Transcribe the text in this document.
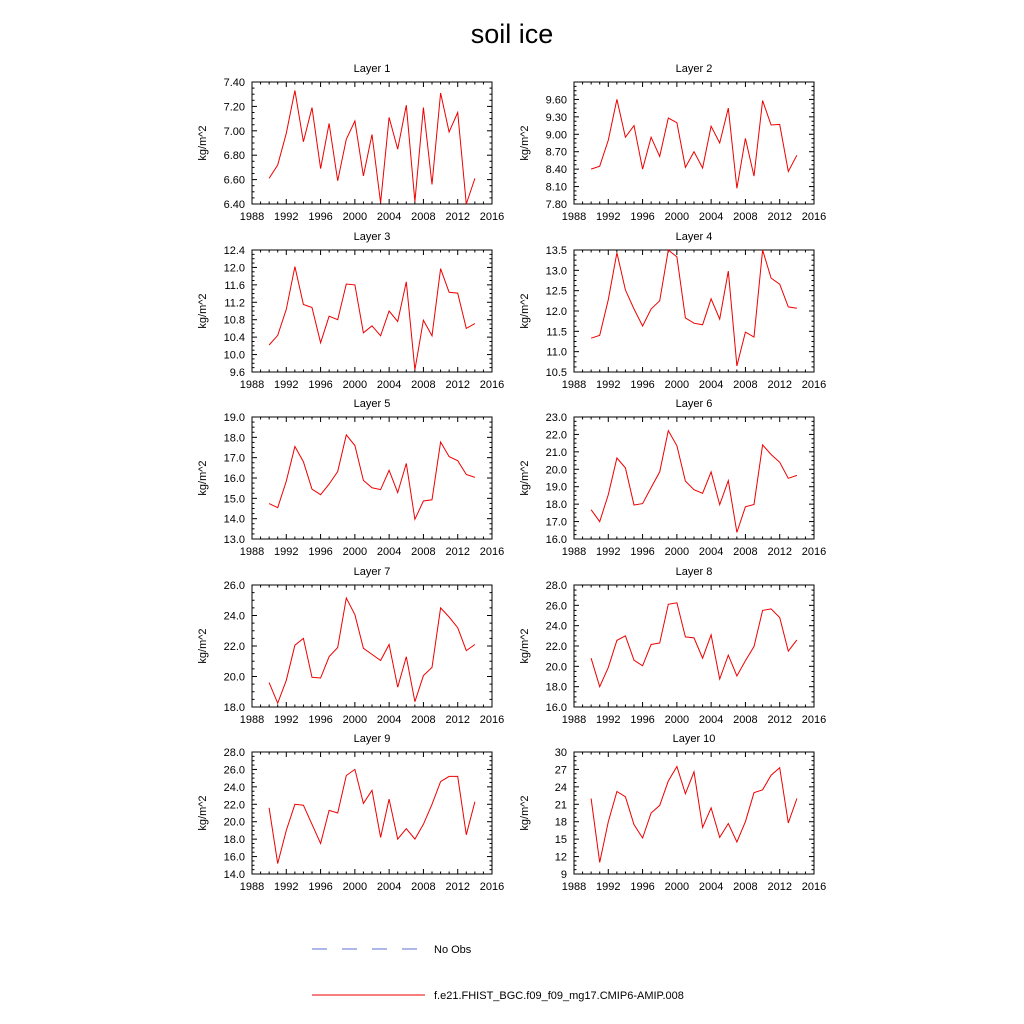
soil ice
Layer 1
1988 1992 1996 2000 2004 2008 2012 2016
6.40
6.60
6.80
7.00
7.20
7.40
kg/m^2
Layer 2
1988 1992 1996 2000 2004 2008 2012 2016
7.80
8.10
8.40
8.70
9.00
9.30
9.60
kg/m^2
Layer 3
1988 1992 1996 2000 2004 2008 2012 2016
9.6
10.0
10.4
10.8
11.2
11.6
12.0
12.4
kg/m^2
Layer 4
1988 1992 1996 2000 2004 2008 2012 2016
10.5
11.0
11.5
12.0
12.5
13.0
13.5
kg/m^2
Layer 5
1988 1992 1996 2000 2004 2008 2012 2016
13.0
14.0
15.0
16.0
17.0
18.0
19.0
kg/m^2
Layer 6
1988 1992 1996 2000 2004 2008 2012 2016
16.0
17.0
18.0
19.0
20.0
21.0
22.0
23.0
kg/m^2
Layer 7
1988 1992 1996 2000 2004 2008 2012 2016
18.0
20.0
22.0
24.0
26.0
kg/m^2
Layer 8
1988 1992 1996 2000 2004 2008 2012 2016
16.0
18.0
20.0
22.0
24.0
26.0
28.0
kg/m^2
Layer 9
1988 1992 1996 2000 2004 2008 2012 2016
14.0
16.0
18.0
20.0
22.0
24.0
26.0
28.0
kg/m^2
Layer 10
1988 1992 1996 2000 2004 2008 2012 2016
9
12
15
18
21
24
27
30
kg/m^2
No Obs
f.e21.FHIST_BGC.f09_f09_mg17.CMIP6-AMIP.008
